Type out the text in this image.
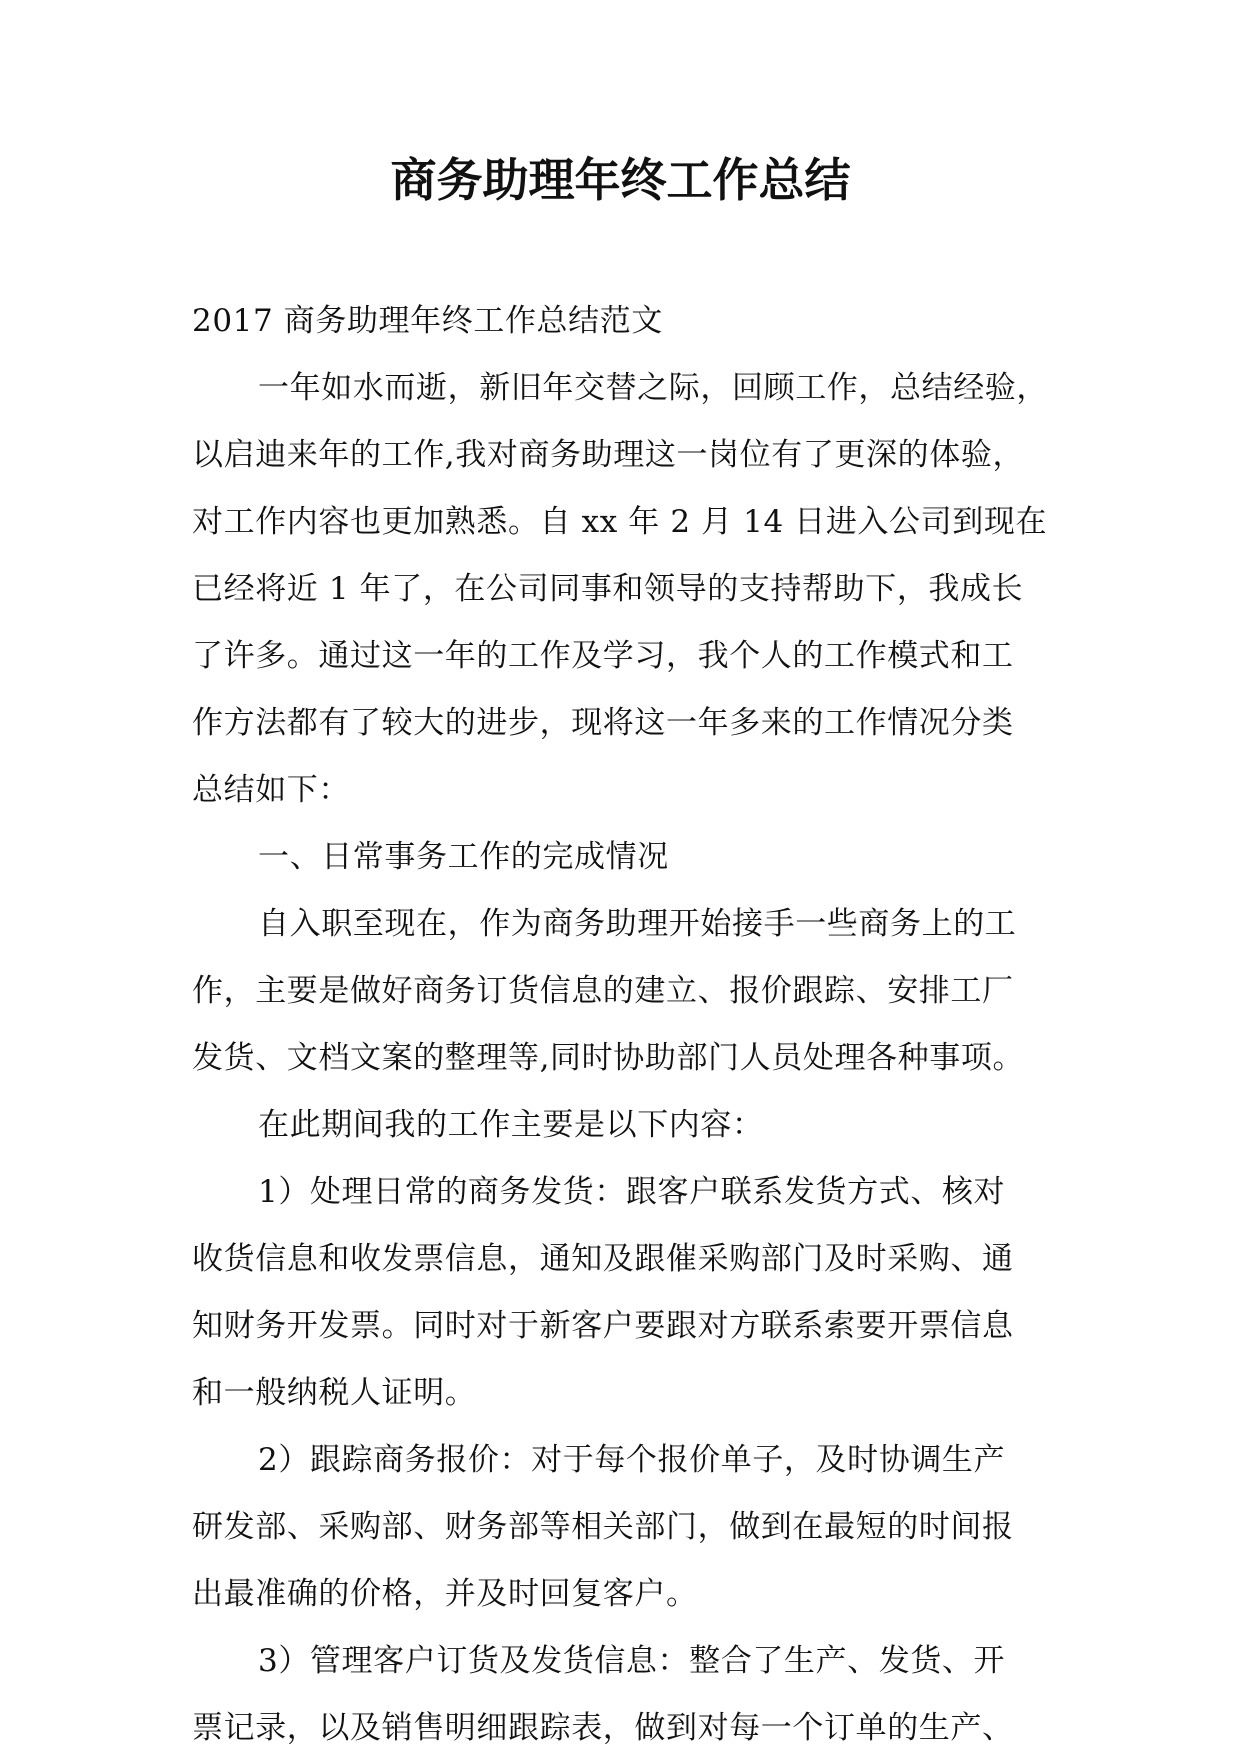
商务助理年终工作总结
2017 商务助理年终工作总结范文
一年如水而逝，新旧年交替之际，回顾工作，总结经验，
以启迪来年的工作,我对商务助理这一岗位有了更深的体验，
对工作内容也更加熟悉。自 xx 年 2 月 14 日进入公司到现在
已经将近 1 年了，在公司同事和领导的支持帮助下，我成长
了许多。通过这一年的工作及学习，我个人的工作模式和工
作方法都有了较大的进步，现将这一年多来的工作情况分类
总结如下：
一、日常事务工作的完成情况
自入职至现在，作为商务助理开始接手一些商务上的工
作，主要是做好商务订货信息的建立、报价跟踪、安排工厂
发货、文档文案的整理等,同时协助部门人员处理各种事项。
在此期间我的工作主要是以下内容：
1）处理日常的商务发货：跟客户联系发货方式、核对
收货信息和收发票信息，通知及跟催采购部门及时采购、通
知财务开发票。同时对于新客户要跟对方联系索要开票信息
和一般纳税人证明。
2）跟踪商务报价：对于每个报价单子，及时协调生产
研发部、采购部、财务部等相关部门，做到在最短的时间报
出最准确的价格，并及时回复客户。
3）管理客户订货及发货信息：整合了生产、发货、开
票记录，以及销售明细跟踪表，做到对每一个订单的生产、
